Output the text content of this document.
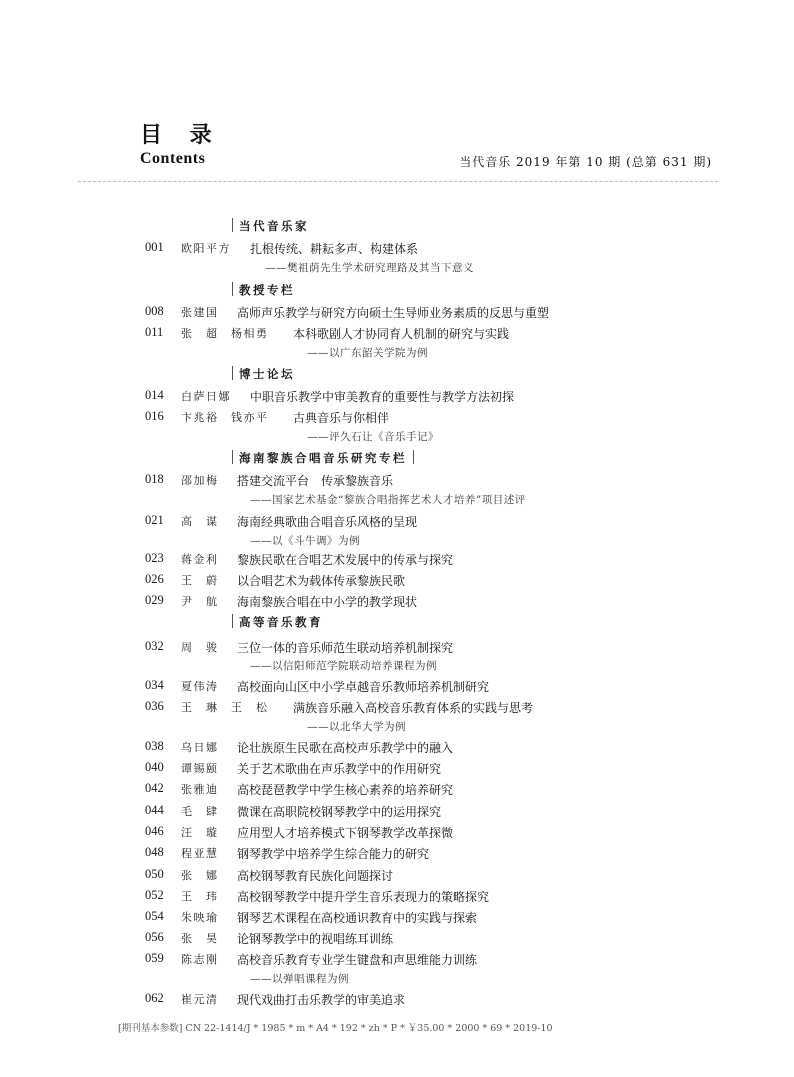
目 录
Contents	当代音乐 2019 年第 10 期 (总第 631 期)
当代音乐家
教授专栏
博士论坛
海南黎族合唱音乐研究专栏
高等音乐教育
001 欧阳平方 扎根传统、耕耘多声、构建体系
——樊祖荫先生学术研究理路及其当下意义
008 张建国 高师声乐教学与研究方向硕士生导师业务素质的反思与重塑
011 张　超　杨相勇 本科歌剧人才协同育人机制的研究与实践
——以广东韶关学院为例
014 白萨日娜 中职音乐教学中审美教育的重要性与教学方法初探
016 卞兆裕　钱亦平 古典音乐与你相伴
——评久石让《音乐手记》
018 邵加梅 搭建交流平台　传承黎族音乐
——国家艺术基金“黎族合唱指挥艺术人才培养”项目述评
021 高　谋 海南经典歌曲合唱音乐风格的呈现
——以《斗牛调》为例
023 蒋金利 黎族民歌在合唱艺术发展中的传承与探究
026 王　蔚 以合唱艺术为载体传承黎族民歌
029 尹　航 海南黎族合唱在中小学的教学现状
032 周　骏 三位一体的音乐师范生联动培养机制探究
——以信阳师范学院联动培养课程为例
034 夏伟涛 高校面向山区中小学卓越音乐教师培养机制研究
036 王　琳　王　松 满族音乐融入高校音乐教育体系的实践与思考
——以北华大学为例
038 乌日娜 论壮族原生民歌在高校声乐教学中的融入
040 谭锡颐 关于艺术歌曲在声乐教学中的作用研究
042 张雅迪 高校琵琶教学中学生核心素养的培养研究
044 毛　肆 微课在高职院校钢琴教学中的运用探究
046 汪　璇 应用型人才培养模式下钢琴教学改革探微
048 程亚慧 钢琴教学中培养学生综合能力的研究
050 张　娜 高校钢琴教育民族化问题探讨
052 王　玮 高校钢琴教学中提升学生音乐表现力的策略探究
054 朱映瑜 钢琴艺术课程在高校通识教育中的实践与探索
056 张　昊 论钢琴教学中的视唱练耳训练
059 陈志刚 高校音乐教育专业学生键盘和声思维能力训练
——以弹唱课程为例
062 崔元清 现代戏曲打击乐教学的审美追求
[期刊基本参数] CN 22-1414/J * 1985 * m * A4 * 192 * zh * P * ￥35.00 * 2000 * 69 * 2019-10
